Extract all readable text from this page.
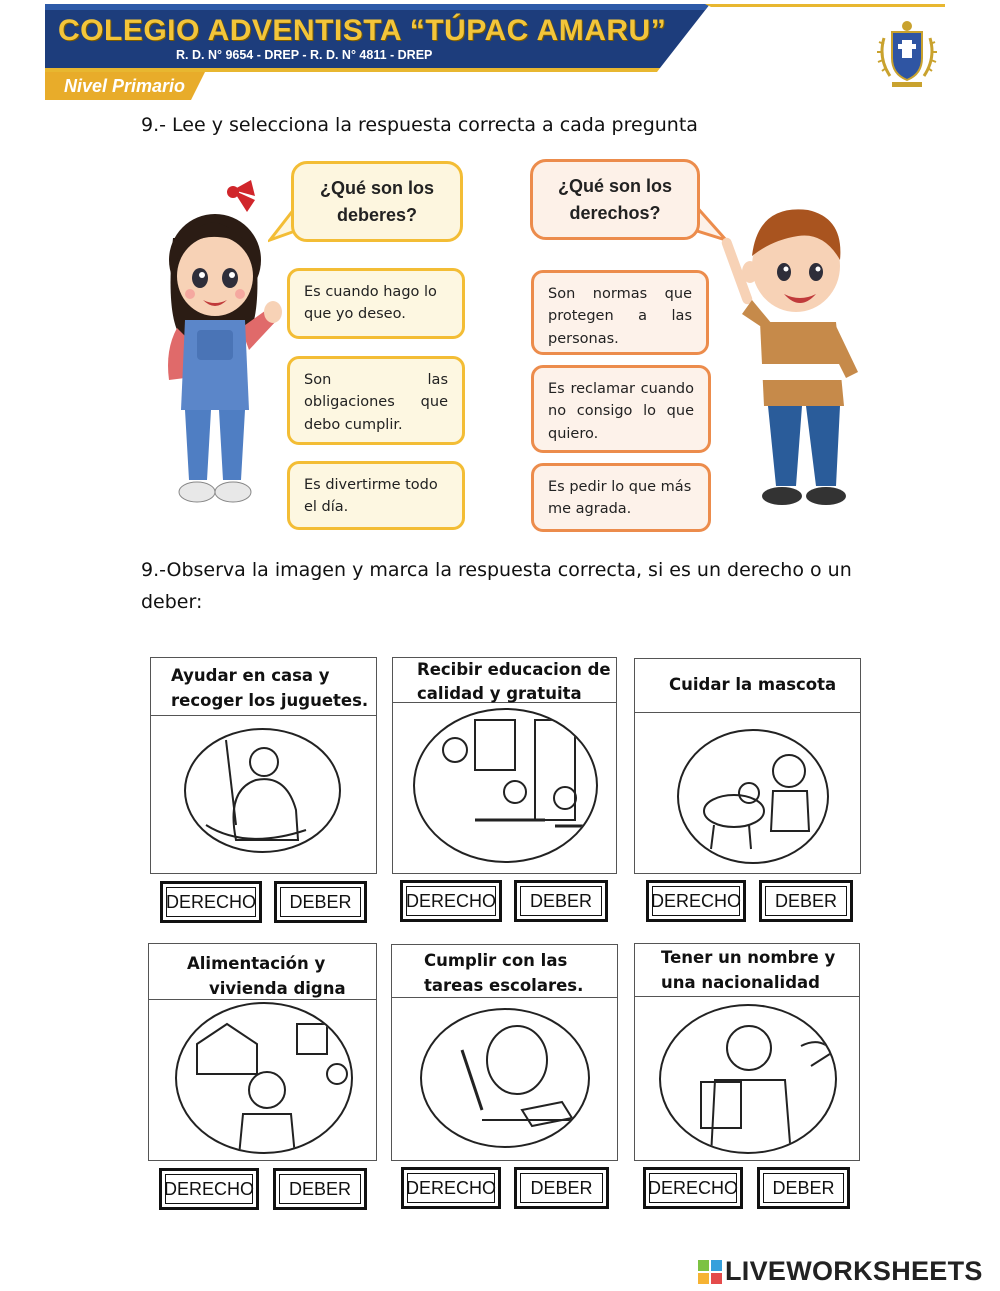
COLEGIO ADVENTISTA “TÚPAC AMARU”
R. D. N° 9654 - DREP - R. D. N° 4811 - DREP
Nivel Primario
9.- Lee y selecciona la respuesta correcta a cada pregunta
¿Qué son los deberes?
Es cuando hago lo que yo deseo.
Son las obligaciones que debo cumplir.
Es divertirme todo el día.
¿Qué son los derechos?
Son normas que protegen a las personas.
Es reclamar cuando no consigo lo que quiero.
Es pedir lo que más me agrada.
9.-Observa la imagen y marca la respuesta correcta, si es un derecho o un
deber:
Ayudar en casa y
recoger los juguetes.
DERECHO DEBER
Recibir educacion de
calidad y gratuita
DERECHO DEBER
Cuidar la mascota
DERECHO DEBER
Alimentación y
vivienda digna
DERECHO DEBER
Cumplir con las
tareas escolares.
DERECHO DEBER
Tener un nombre y
una nacionalidad
DERECHO DEBER
LIVEWORKSHEETS
